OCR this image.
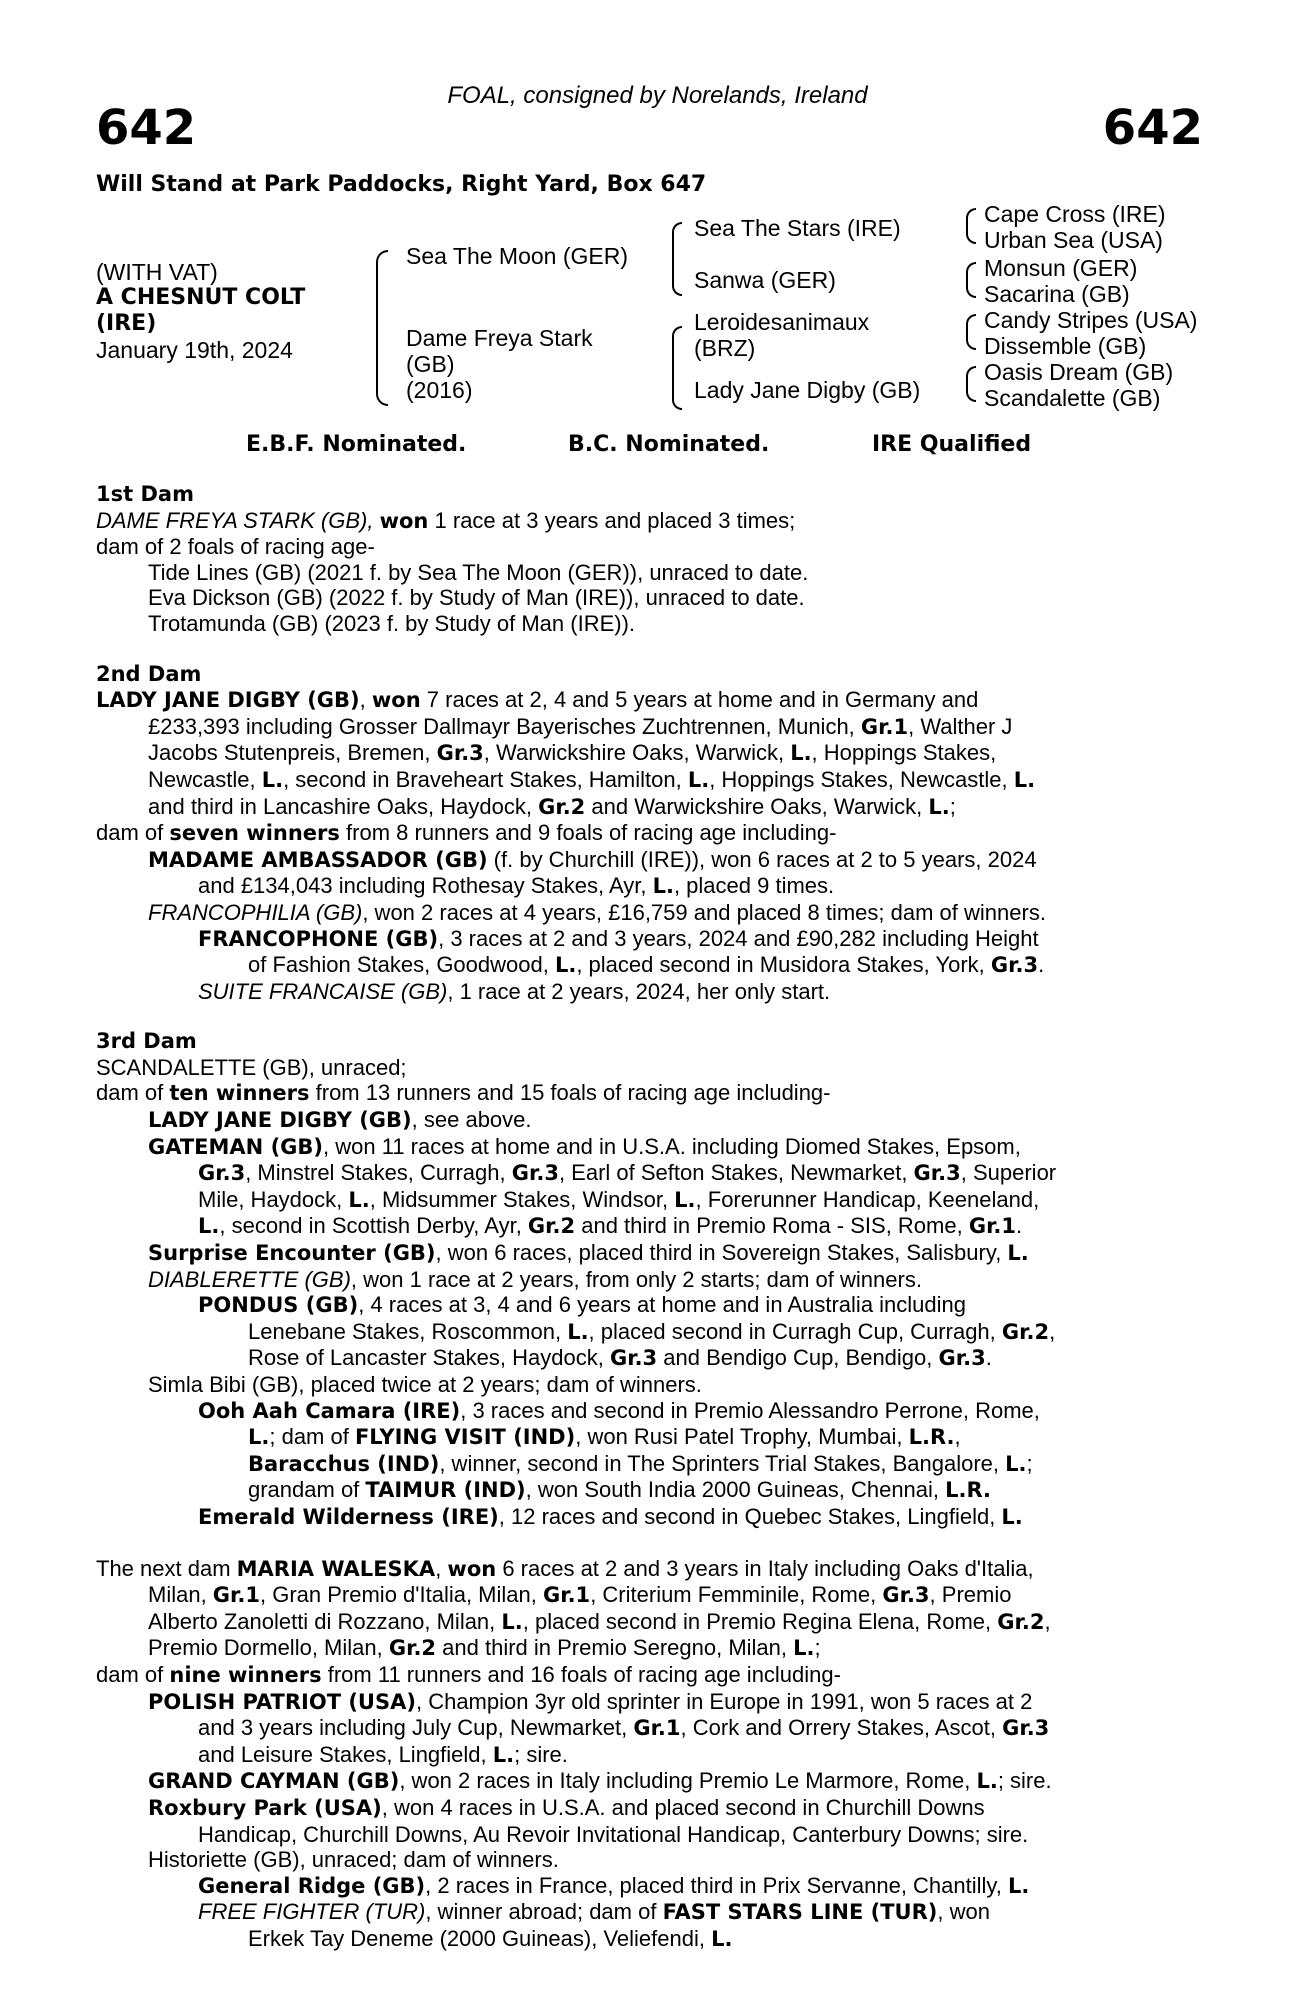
FOAL, consigned by Norelands, Ireland
642	642
Will Stand at Park Paddocks, Right Yard, Box 647
(WITH VAT)
A CHESNUT COLT
(IRE)
January 19th, 2024
Sea The Moon (GER)
Dame Freya Stark
(GB)
(2016)
Sea The Stars (IRE)
Sanwa (GER)
Leroidesanimaux
(BRZ)
Lady Jane Digby (GB)
Cape Cross (IRE)
Urban Sea (USA)
Monsun (GER)
Sacarina (GB)
Candy Stripes (USA)
Dissemble (GB)
Oasis Dream (GB)
Scandalette (GB)
E.B.F. Nominated.	B.C. Nominated.	IRE Qualified
1st Dam
DAME FREYA STARK (GB), won 1 race at 3 years and placed 3 times;
dam of 2 foals of racing age-
Tide Lines (GB) (2021 f. by Sea The Moon (GER)), unraced to date.
Eva Dickson (GB) (2022 f. by Study of Man (IRE)), unraced to date.
Trotamunda (GB) (2023 f. by Study of Man (IRE)).
2nd Dam
LADY JANE DIGBY (GB), won 7 races at 2, 4 and 5 years at home and in Germany and
£233,393 including Grosser Dallmayr Bayerisches Zuchtrennen, Munich, Gr.1, Walther J
Jacobs Stutenpreis, Bremen, Gr.3, Warwickshire Oaks, Warwick, L., Hoppings Stakes,
Newcastle, L., second in Braveheart Stakes, Hamilton, L., Hoppings Stakes, Newcastle, L.
and third in Lancashire Oaks, Haydock, Gr.2 and Warwickshire Oaks, Warwick, L.;
dam of seven winners from 8 runners and 9 foals of racing age including-
MADAME AMBASSADOR (GB) (f. by Churchill (IRE)), won 6 races at 2 to 5 years, 2024
and £134,043 including Rothesay Stakes, Ayr, L., placed 9 times.
FRANCOPHILIA (GB), won 2 races at 4 years, £16,759 and placed 8 times; dam of winners.
FRANCOPHONE (GB), 3 races at 2 and 3 years, 2024 and £90,282 including Height
of Fashion Stakes, Goodwood, L., placed second in Musidora Stakes, York, Gr.3.
SUITE FRANCAISE (GB), 1 race at 2 years, 2024, her only start.
3rd Dam
SCANDALETTE (GB), unraced;
dam of ten winners from 13 runners and 15 foals of racing age including-
LADY JANE DIGBY (GB), see above.
GATEMAN (GB), won 11 races at home and in U.S.A. including Diomed Stakes, Epsom,
Gr.3, Minstrel Stakes, Curragh, Gr.3, Earl of Sefton Stakes, Newmarket, Gr.3, Superior
Mile, Haydock, L., Midsummer Stakes, Windsor, L., Forerunner Handicap, Keeneland,
L., second in Scottish Derby, Ayr, Gr.2 and third in Premio Roma - SIS, Rome, Gr.1.
Surprise Encounter (GB), won 6 races, placed third in Sovereign Stakes, Salisbury, L.
DIABLERETTE (GB), won 1 race at 2 years, from only 2 starts; dam of winners.
PONDUS (GB), 4 races at 3, 4 and 6 years at home and in Australia including
Lenebane Stakes, Roscommon, L., placed second in Curragh Cup, Curragh, Gr.2,
Rose of Lancaster Stakes, Haydock, Gr.3 and Bendigo Cup, Bendigo, Gr.3.
Simla Bibi (GB), placed twice at 2 years; dam of winners.
Ooh Aah Camara (IRE), 3 races and second in Premio Alessandro Perrone, Rome,
L.; dam of FLYING VISIT (IND), won Rusi Patel Trophy, Mumbai, L.R.,
Baracchus (IND), winner, second in The Sprinters Trial Stakes, Bangalore, L.;
grandam of TAIMUR (IND), won South India 2000 Guineas, Chennai, L.R.
Emerald Wilderness (IRE), 12 races and second in Quebec Stakes, Lingfield, L.
The next dam MARIA WALESKA, won 6 races at 2 and 3 years in Italy including Oaks d'Italia,
Milan, Gr.1, Gran Premio d'Italia, Milan, Gr.1, Criterium Femminile, Rome, Gr.3, Premio
Alberto Zanoletti di Rozzano, Milan, L., placed second in Premio Regina Elena, Rome, Gr.2,
Premio Dormello, Milan, Gr.2 and third in Premio Seregno, Milan, L.;
dam of nine winners from 11 runners and 16 foals of racing age including-
POLISH PATRIOT (USA), Champion 3yr old sprinter in Europe in 1991, won 5 races at 2
and 3 years including July Cup, Newmarket, Gr.1, Cork and Orrery Stakes, Ascot, Gr.3
and Leisure Stakes, Lingfield, L.; sire.
GRAND CAYMAN (GB), won 2 races in Italy including Premio Le Marmore, Rome, L.; sire.
Roxbury Park (USA), won 4 races in U.S.A. and placed second in Churchill Downs
Handicap, Churchill Downs, Au Revoir Invitational Handicap, Canterbury Downs; sire.
Historiette (GB), unraced; dam of winners.
General Ridge (GB), 2 races in France, placed third in Prix Servanne, Chantilly, L.
FREE FIGHTER (TUR), winner abroad; dam of FAST STARS LINE (TUR), won
Erkek Tay Deneme (2000 Guineas), Veliefendi, L.
